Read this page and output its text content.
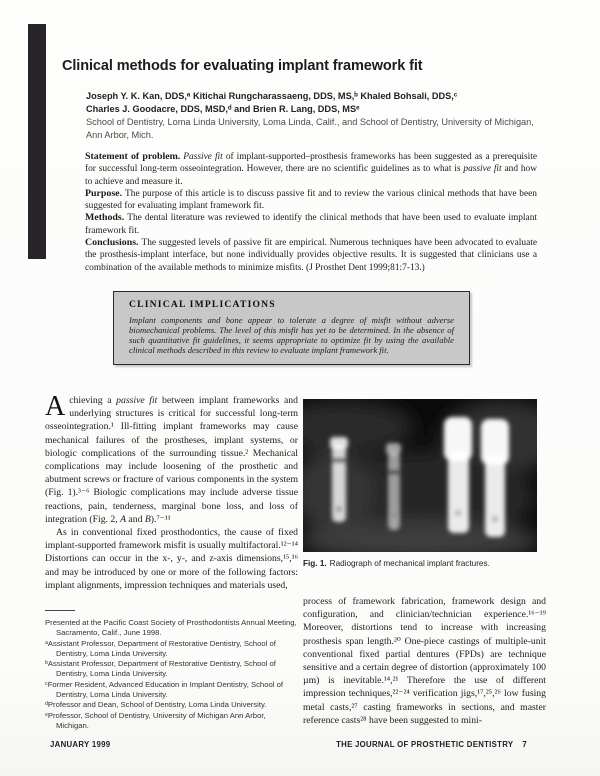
Clinical methods for evaluating implant framework fit
Joseph Y. K. Kan, DDS,ᵃ Kitichai Rungcharassaeng, DDS, MS,ᵇ Khaled Bohsali, DDS,ᶜ
Charles J. Goodacre, DDS, MSD,ᵈ and Brien R. Lang, DDS, MSᵉ
School of Dentistry, Loma Linda University, Loma Linda, Calif., and School of Dentistry, University of Michigan, Ann Arbor, Mich.

Statement of problem. Passive fit of implant-supported–prosthesis frameworks has been suggested as a prerequisite for successful long-term osseointegration. However, there are no scientific guidelines as to what is passive fit and how to achieve and measure it.

Purpose. The purpose of this article is to discuss passive fit and to review the various clinical methods that have been suggested for evaluating implant framework fit.

Methods. The dental literature was reviewed to identify the clinical methods that have been used to evaluate implant framework fit.

Conclusions. The suggested levels of passive fit are empirical. Numerous techniques have been advocated to evaluate the prosthesis-implant interface, but none individually provides objective results. It is suggested that clinicians use a combination of the available methods to minimize misfits. (J Prosthet Dent 1999;81:7-13.)

CLINICAL IMPLICATIONS
Implant components and bone appear to tolerate a degree of misfit without adverse biomechanical problems. The level of this misfit has yet to be determined. In the absence of such quantitative fit guidelines, it seems appropriate to optimize fit by using the available clinical methods described in this review to evaluate implant framework fit.

Achieving a passive fit between implant frameworks and underlying structures is critical for successful long-term osseointegration.¹ Ill-fitting implant frameworks may cause mechanical failures of the prostheses, implant systems, or biologic complications of the surrounding tissue.² Mechanical complications may include loosening of the prosthetic and abutment screws or fracture of various components in the system (Fig. 1).³⁻⁶ Biologic complications may include adverse tissue reactions, pain, tenderness, marginal bone loss, and loss of integration (Fig. 2, A and B).⁷⁻¹¹

As in conventional fixed prosthodontics, the cause of fixed implant-supported framework misfit is usually multifactoral.¹²⁻¹⁴ Distortions can occur in the x-, y-, and z-axis dimensions,¹⁵,¹⁶ and may be introduced by one or more of the following factors: implant alignments, impression techniques and materials used,

Presented at the Pacific Coast Society of Prosthodontists Annual Meeting, Sacramento, Calif., June 1998.

ᵃAssistant Professor, Department of Restorative Dentistry, School of Dentistry, Loma Linda University.

ᵇAssistant Professor, Department of Restorative Dentistry, School of Dentistry, Loma Linda University.

ᶜFormer Resident, Advanced Education in Implant Dentistry, School of Dentistry, Loma Linda University.

ᵈProfessor and Dean, School of Dentistry, Loma Linda University.

ᵉProfessor, School of Dentistry, University of Michigan Ann Arbor, Michigan.

Fig. 1. Radiograph of mechanical implant fractures.

process of framework fabrication, framework design and configuration, and clinician/technician experience.¹⁶⁻¹⁹ Moreover, distortions tend to increase with increasing prosthesis span length.²⁰ One-piece castings of multiple-unit conventional fixed partial dentures (FPDs) are technique sensitive and a certain degree of distortion (approximately 100 µm) is inevitable.¹⁴,²¹ Therefore the use of different impression techniques,²²⁻²⁴ verification jigs,¹⁷,²⁵,²⁶ low fusing metal casts,²⁷ casting frameworks in sections, and master reference casts²⁸ have been suggested to mini-

JANUARY 1999	THE JOURNAL OF PROSTHETIC DENTISTRY 7
